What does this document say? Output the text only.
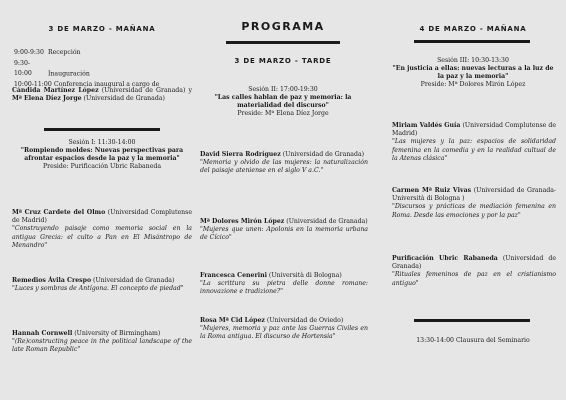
3 DE MARZO - MAÑANA
9:00-9:30 Recepción
9:30-10:00	Inauguración
10:00-11:00 Conferencia inaugural a cargo de

Cándida Martínez López (Universidad de Granada) y Mª Elena Díez Jorge (Universidad de Granada)

Sesión I: 11:30-14:00

"Rompiendo moldes: Nuevas perspectivas para afrontar espacios desde la paz y la memoria"

Preside: Purificación Ubric Rabaneda

Mª Cruz Cardete del Olmo (Universidad Complutense de Madrid)

"Construyendo paisaje como memoria social en la antigua Grecia: el culto a Pan en El Misántropo de Menandro"

Remedios Ávila Crespo (Universidad de Granada)

"Luces y sombras de Antígona. El concepto de piedad"

Hannah Cornwell (University of Birmingham)

"(Re)constructing peace in the political landscape of the late Roman Republic"

PROGRAMA
3 DE MARZO - TARDE

Sesión II: 17:00-19:30

"Las calles hablan de paz y memoria: la materialidad del discurso"

Preside: Mª Elena Díez Jorge

David Sierra Rodríguez (Universidad de Granada)

"Memoria y olvido de las mujeres: la naturalización del paisaje ateniense en el siglo V a.C."

Mª Dolores Mirón López (Universidad de Granada)

"Mujeres que unen: Apolonis en la memoria urbana de Cícico"

Francesca Cenerini (Università di Bologna)

"La scrittura su pietra delle donne romane: innovazione e tradizione?"

Rosa Mª Cid López (Universidad de Oviedo)

"Mujeres, memoria y paz ante las Guerras Civiles en la Roma antigua. El discurso de Hortensia"

4 DE MARZO - MAÑANA

Sesión III: 10:30-13:30

"En justicia a ellas: nuevas lecturas a la luz de la paz y la memoria"

Preside: Mª Dolores Mirón López

Miriam Valdés Guía (Universidad Complutense de Madrid)

"Las mujeres y la paz: espacios de solidaridad femenina en la comedia y en la realidad cultual de la Atenas clásica"

Carmen Mª Ruiz Vivas (Universidad de Granada-Università di Bologna )

"Discursos y prácticas de mediación femenina en Roma. Desde las emociones y por la paz"

Purificación Ubric Rabaneda (Universidad de Granada)

"Rituales femeninos de paz en el cristianismo antiguo"

13:30-14:00 Clausura del Seminario
